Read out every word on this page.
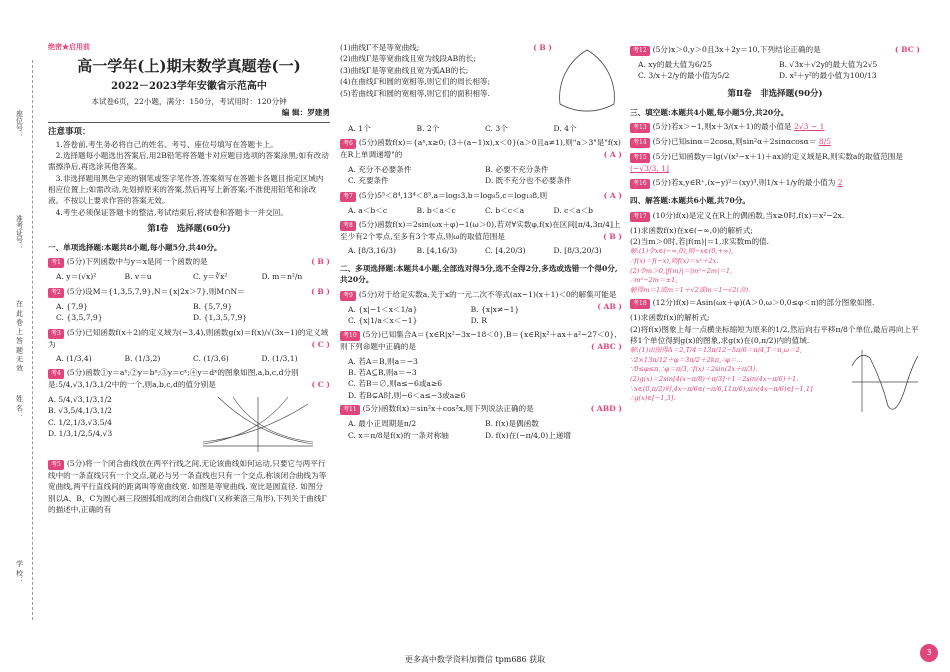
座位号：
准考证号：
在 此 卷 上 答 题 无 效
姓 名：
学 校：
绝密★启用前
高一学年(上)期末数学真题卷(一)
2022－2023学年安徽省示范高中
本试卷6页，22小题，满分：150分，考试用时：120分钟
编 辑：罗建勇
注意事项：
1.答卷前,考生务必将自己的姓名、考号、座位号填写在答题卡上。
2.选择题每小题选出答案后,用2B铅笔将答题卡对应题目选项的答案涂黑;如有改动需擦净后,再选涂其他答案。
3.非选择题用黑色字迹的钢笔或签字笔作答,答案须写在答题卡各题目指定区域内相应位置上;如需改动,先划掉原来的答案,然后再写上新答案;不准使用铅笔和涂改液。不按以上要求作答的答案无效。
4.考生必须保证答题卡的整洁,考试结束后,将试卷和答题卡一并交回。
第Ⅰ卷　选择题(60分)
一、单项选择题:本题共8小题,每小题5分,共40分。
考1 (5分)下列函数中与y＝x是同一个函数的是	( B )
A. y＝(√x)²	B. v＝u	C. y＝∛x²	D. m＝n²/n
考2 (5分)设M＝{1,3,5,7,9},N＝{x|2x＞7},则M∩N＝	( B )
A. {7,9}	B. {5,7,9}
C. {3,5,7,9}	D. {1,3,5,7,9}
考3 (5分)已知函数f(x＋2)的定义域为(−3,4),则函数g(x)＝f(x)/√(3x−1)的定义域为	( C )
A. (1/3,4)	B. (1/3,2)	C. (1/3,6)	D. (1/3,1)
考4 (5分)函数①y＝aˣ;②y＝bˣ;③y＝cˣ;④y＝dˣ的图象如图,a,b,c,d分别是:5/4,√3,1/3,1/2中的一个,则a,b,c,d的值分别是	( C )
A. 5/4,√3,1/3,1/2
B. √3,5/4,1/3,1/2
C. 1/2,1/3,√3,5/4
D. 1/3,1/2,5/4,√3
考5 (5分)将一个闭合曲线放在两平行线之间,无论该曲线如何运动,只要它与两平行线中的一条直线只有一个交点,就必与另一条直线也只有一个交点,称该闭合曲线为等宽曲线,两平行直线间的距离叫等宽曲线宽. 如图是等宽曲线. 宽比是圆直径. 如图分别以A、B、C为圆心画三段圆弧组成的闭合曲线Γ(又称莱洛三角形),下列关于曲线Γ的描述中,正确的有
( B )
(1)曲线Γ不是等宽曲线;
(2)曲线Γ是等宽曲线且宽为线段AB的长;
(3)曲线Γ是等宽曲线且宽为弧AB的长;
(4)在曲线Γ和圆的宽相等,则它们的周长相等;
(5)若曲线Γ和圆的宽相等,则它们的面积相等.
A. 1个	B. 2个	C. 3个	D. 4个
考6 (5分)函数f(x)＝{aˣ,x≥0; (3＋(a−1)x),x＜0}(a＞0且a≠1),则"a＞3"是"f(x)在R上单调递增"的	( A )
A. 充分不必要条件	B. 必要不充分条件
C. 充要条件	D. 既不充分也不必要条件
考7 (5分)5⁵＜8⁴,13⁴＜8⁵,a＝log₅3,b＝log₈5,c＝log₁₃8,则	( A )
A. a＜b＜c	B. b＜a＜c	C. b＜c＜a	D. c＜a＜b
考8 (5分)函数f(x)＝2sin(ωx＋φ)−1(ω＞0),若对∀实数φ,f(x)在区间[π/4,3π/4]上至少有2个零点,至多有3个零点,则ω的取值范围是	( B )
A. [8/3,16/3)	B. [4,16/3)	C. [4,20/3)	D. [8/3,20/3)
二、多项选择题:本题共4小题,全部选对得5分,选不全得2分,多选或选错一个得0分,共20分。
考9 (5分)对于给定实数a,关于x的一元二次不等式(ax−1)(x＋1)＜0的解集可能是
( AB )
A. {x|−1＜x＜1/a}	B. {x|x≠−1}
C. {x|1/a＜x＜−1}	D. R
考10 (5分)已知集合A＝{x∈R|x²−3x−18＜0},B＝{x∈R|x²＋ax＋a²−27＜0},则下列命题中正确的是	( ABC )
A. 若A＝B,则a＝−3
B. 若A⊆B,则a＝−3
C. 若B＝∅,则a≤−6或a≥6
D. 若B⊊A时,则−6＜a≤−3或a≥6
考11 (5分)函数f(x)＝sin²x＋cos²x,则下列说法正确的是	( ABD )
A. 最小正周期是π/2	B. f(x)是偶函数
C. x＝π/8是f(x)的一条对称轴	D. f(x)在(−π/4,0)上递增
考12 (5分)x＞0,y＞0且3x＋2y＝10,下列结论正确的是	( BC )
A. xy的最大值为6/25	B. √3x＋√2y的最大值为2√5
C. 3/x＋2/y的最小值为5/2	D. x²＋y²的最小值为100/13
第Ⅱ卷　非选择题(90分)
三、填空题:本题共4小题,每小题5分,共20分。
考13 (5分)若x＞−1,则x＋3/(x＋1)的最小值是 2√3 − 1
考14 (5分)已知sinα＝2cosα,则sin²α＋2sinαcosα＝ 8/5
考15 (5分)已知函数y＝lg(√(x²−x＋1)＋ax)的定义域是R,则实数a的取值范围是 (−√3/3, 1]
考16 (5分)若x,y∈R⁺,(x−y)²＝(xy)³,则1/x＋1/y的最小值为 2
四、解答题:本题共6小题,共70分。
考17 (10分)f(x)是定义在R上的偶函数,当x≥0时,f(x)＝x²−2x.
(1)求函数f(x)在x∈(−∞,0)的解析式;
(2)当m＞0时,若|f(m)|＝1,求实数m的值.
解:(1)令x∈(−∞,0),则−x∈(0,+∞),
∴f(x)＝f(−x),则f(x)＝x²＋2x.
(2)令m＞0,|f(m)|＝|m²−2m|＝1,
∴m²−2m＝±1,
解得m＝1或m＝1＋√2或m＝1−√2(舍).
考18 (12分)f(x)＝Asin(ωx＋φ)(A＞0,ω＞0,0≤φ＜π)的部分图象如图.
(1)求函数f(x)的解析式;
(2)将f(x)图象上每一点横坐标缩短为原来的1/2,然后向右平移π/8个单位,最后再向上平移1个单位得到g(x)的图象,求g(x)在(0,π/2)内的值域.
解:(1)由图得A＝2,T/4＝13π/12−5π/6＝π/4,T＝π,ω＝2,
∵2×13π/12＋φ＝3π/2＋2kπ,∴φ＝...
∵0≤φ≤π,∴φ＝π/3,∴f(x)＝2sin(2x＋π/3).
(2)g(x)＝2sin[4(x−π/8)＋π/3]＋1＝2sin(4x−π/6)＋1.
∵x∈(0,π/2)时,4x−π/6∈(−π/6,11π/6),sin(4x−π/6)∈[−1,1]
∴g(x)∈[−1,3].
更多高中数学资料加微信 tpm686 获取
3
